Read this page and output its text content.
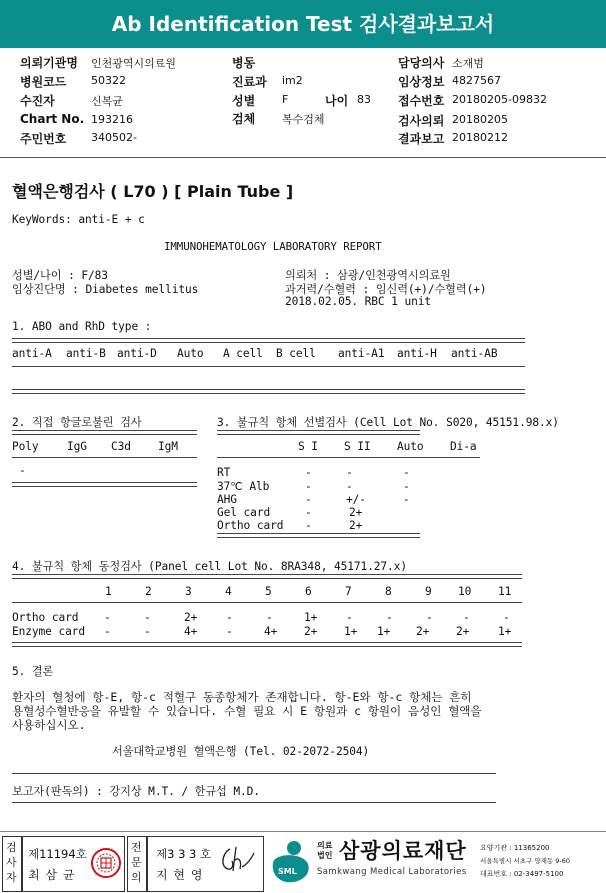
Ab Identification Test 검사결과보고서
의뢰기관명 인천광역시의료원
병원코드 50322
수진자	신복균
Chart No. 193216
주민번호 340502-
병동
진료과 im2
성별 F	나이 83
검체 복수검체
담당의사 소재범
임상정보 4827567
접수번호 20180205-09832
검사의뢰 20180205
결과보고 20180212
혈액은행검사 ( L70 ) [ Plain Tube ]
KeyWords: anti-E + c
IMMUNOHEMATOLOGY LABORATORY REPORT
성별/나이 : F/83
임상진단명 : Diabetes mellitus
의뢰처 : 삼광/인천광역시의료원
과거력/수혈력 : 임신력(+)/수혈력(+)
2018.02.05. RBC 1 unit
1. ABO and RhD type :
anti-A anti-B anti-D Auto A cell B cell anti-A1 anti-H anti-AB
2. 직접 항글로불린 검사
Poly	IgG C3d IgM
-
3. 불규칙 항체 선별검사 (Cell Lot No. S020, 45151.98.x)
S I S II Auto Di-a
RT	-	-	-
37℃ Alb	-	-	-
AHG	-	+/-	-
Gel card	-	2+
Ortho card -	2+
4. 불규칙 항체 동정검사 (Panel cell Lot No. 8RA348, 45171.27.x)
1	2	3	4	5	6	7	8	9 10 11
Ortho card -	-	2+	-	-	1+	-	-	-	-	-
Enzyme card -	-	4+	-	4+ 2+ 1+ 1+ 2+ 2+	1+
5. 결론
환자의 혈청에 항-E, 항-c 적혈구 동종항체가 존재합니다. 항-E와 항-c 항체는 흔히
용혈성수혈반응을 유발할 수 있습니다. 수혈 필요 시 E 항원과 c 항원이 음성인 혈액을
사용하십시오.
서울대학교병원 혈액은행 (Tel. 02-2072-2504)
보고자(판독의) : 강지상 M.T. / 한규섭 M.D.
검
사
자
제11194호
최 삼 균
전
문
의
제3 3 3 호
지 현 영	SML
의료
법인 삼광의료재단
Samkwang Medical Laboratories
요양기관 : 11365200
서울특별시 서초구 양재동 9-60
대표번호 : 02-3497-5100
